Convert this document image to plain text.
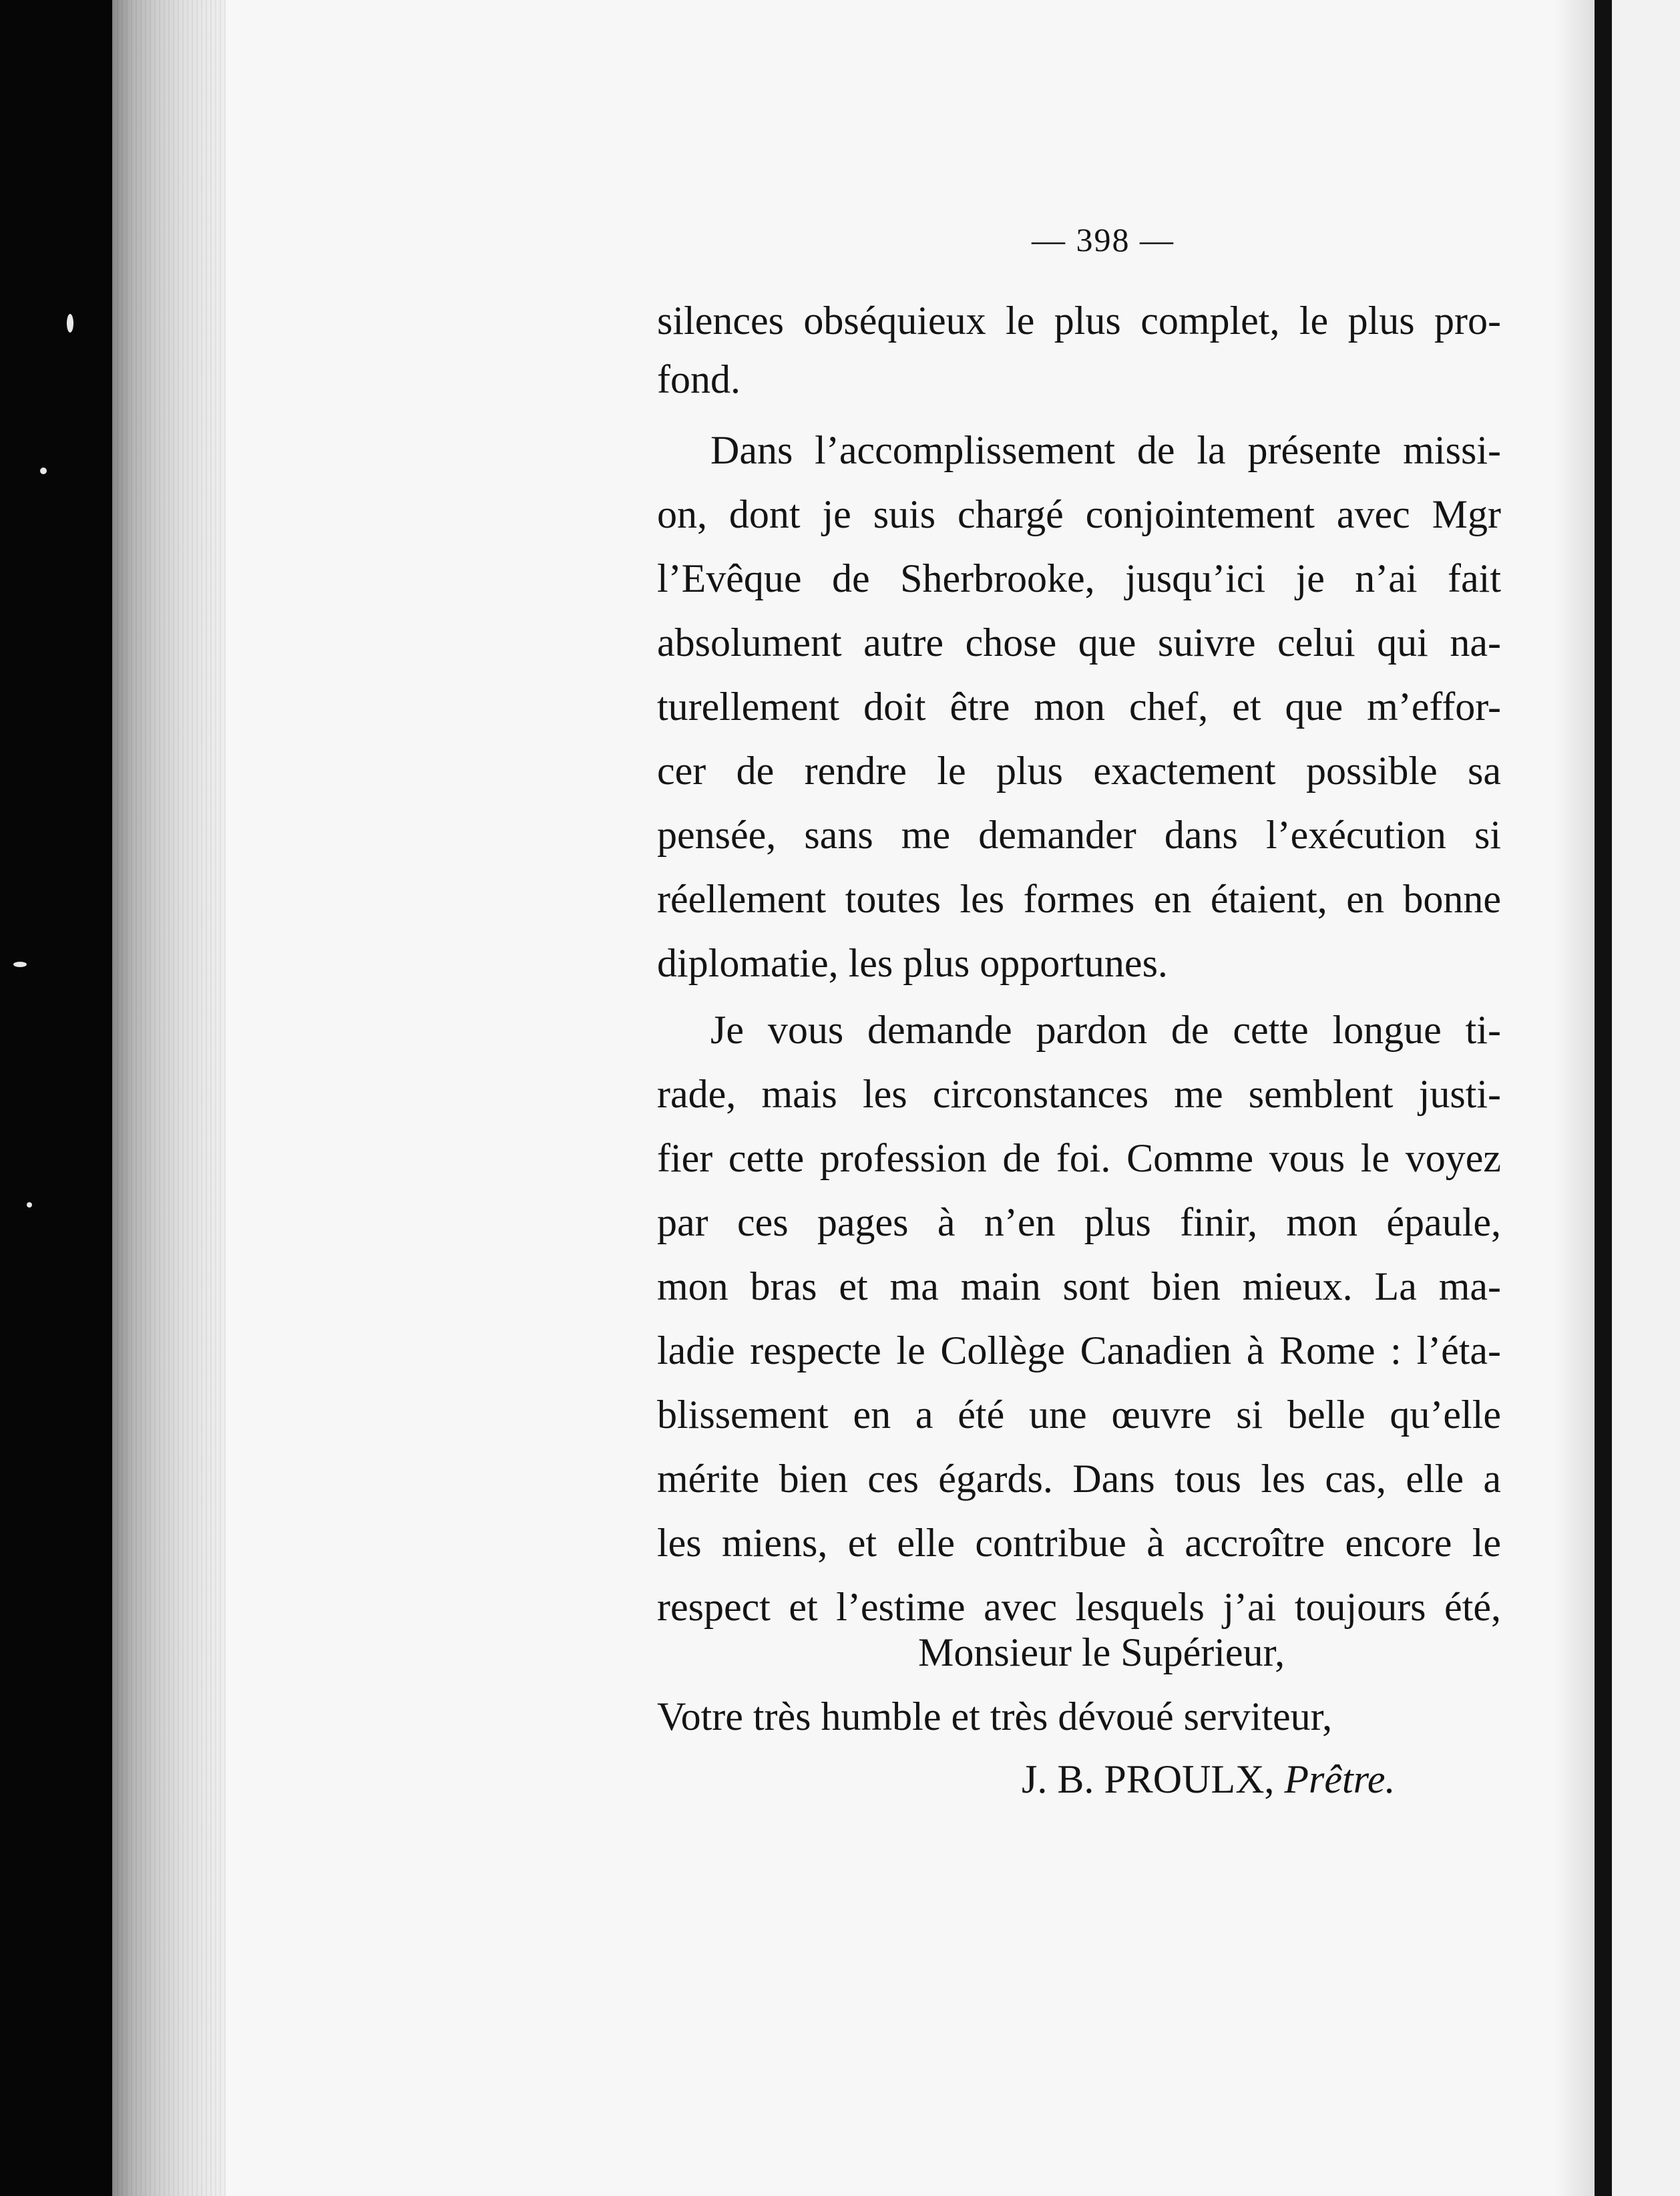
— 398 —
silences obséquieux le plus complet, le plus pro-
fond.
Dans l’accomplissement de la présente missi-
on, dont je suis chargé conjointement avec Mgr
l’Evêque de Sherbrooke, jusqu’ici je n’ai fait
absolument autre chose que suivre celui qui na-
turellement doit être mon chef, et que m’effor-
cer de rendre le plus exactement possible sa
pensée, sans me demander dans l’exécution si
réellement toutes les formes en étaient, en bonne
diplomatie, les plus opportunes.
Je vous demande pardon de cette longue ti-
rade, mais les circonstances me semblent justi-
fier cette profession de foi. Comme vous le voyez
par ces pages à n’en plus finir, mon épaule,
mon bras et ma main sont bien mieux. La ma-
ladie respecte le Collège Canadien à Rome : l’éta-
blissement en a été une œuvre si belle qu’elle
mérite bien ces égards. Dans tous les cas, elle a
les miens, et elle contribue à accroître encore le
respect et l’estime avec lesquels j’ai toujours été,
Monsieur le Supérieur,
Votre très humble et très dévoué serviteur,
J. B. PROULX, Prêtre.
